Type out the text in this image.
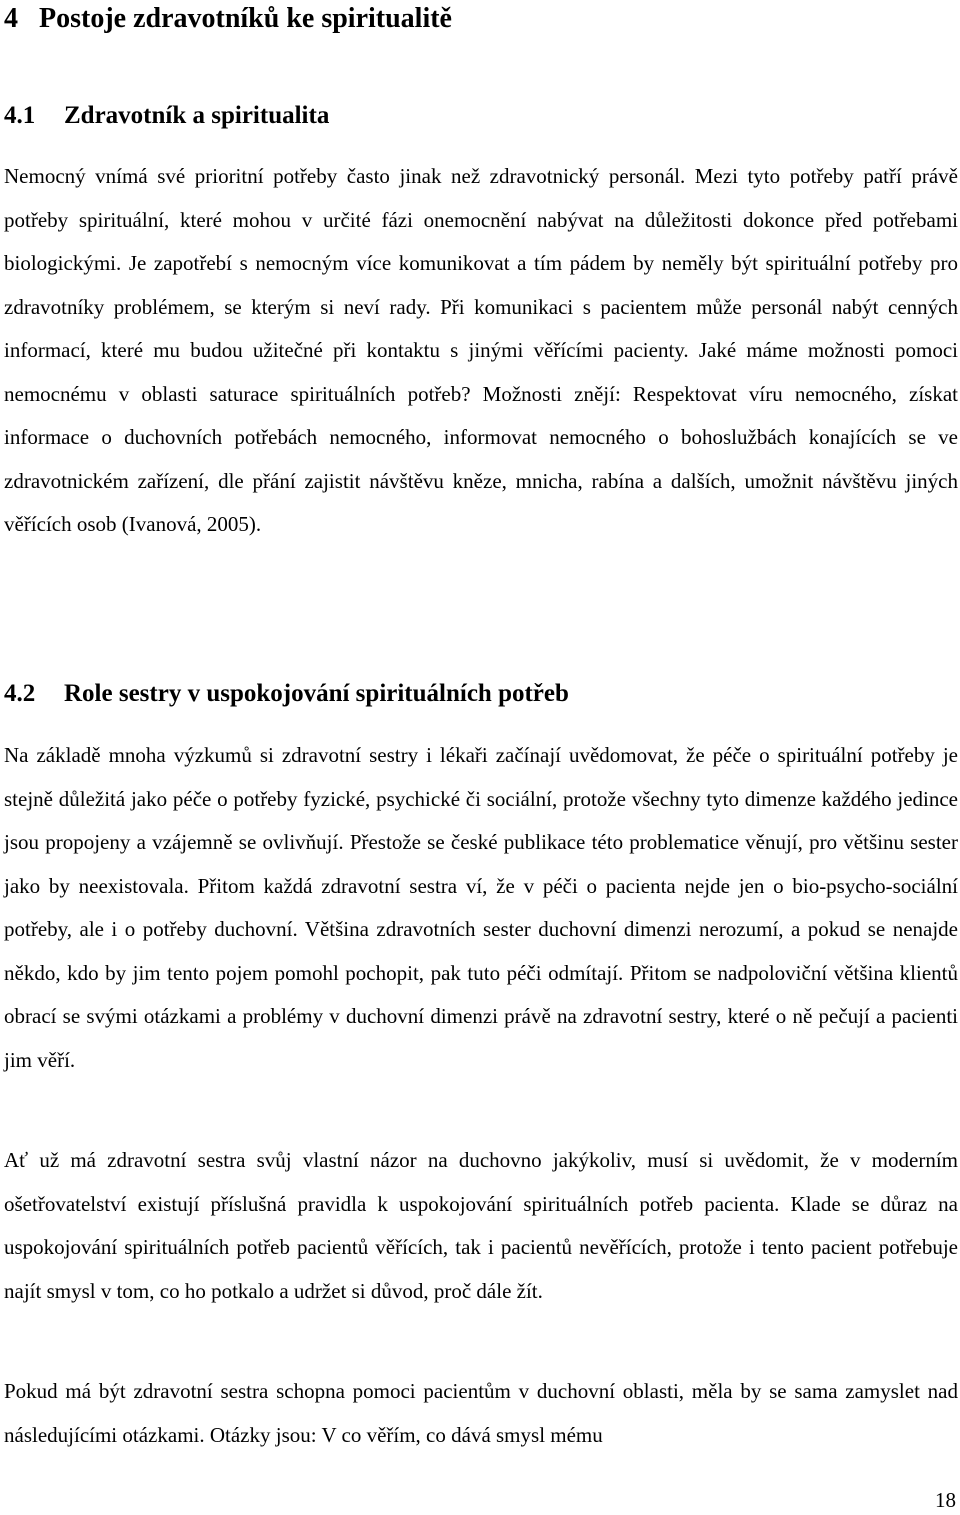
4 Postoje zdravotníků ke spiritualitě
4.1 Zdravotník a spiritualita

Nemocný vnímá své prioritní potřeby často jinak než zdravotnický personál. Mezi tyto potřeby patří právě potřeby spirituální, které mohou v určité fázi onemocnění nabývat na důležitosti dokonce před potřebami biologickými. Je zapotřebí s nemocným více komunikovat a tím pádem by neměly být spirituální potřeby pro zdravotníky problémem, se kterým si neví rady. Při komunikaci s pacientem může personál nabýt cenných informací, které mu budou užitečné při kontaktu s jinými věřícími pacienty. Jaké máme možnosti pomoci nemocnému v oblasti saturace spirituálních potřeb? Možnosti znějí: Respektovat víru nemocného, získat informace o duchovních potřebách nemocného, informovat nemocného o bohoslužbách konajících se ve zdravotnickém zařízení, dle přání zajistit návštěvu kněze, mnicha, rabína a dalších, umožnit návštěvu jiných věřících osob (Ivanová, 2005).

4.2 Role sestry v uspokojování spirituálních potřeb

Na základě mnoha výzkumů si zdravotní sestry i lékaři začínají uvědomovat, že péče o spirituální potřeby je stejně důležitá jako péče o potřeby fyzické, psychické či sociální, protože všechny tyto dimenze každého jedince jsou propojeny a vzájemně se ovlivňují. Přestože se české publikace této problematice věnují, pro většinu sester jako by neexistovala. Přitom každá zdravotní sestra ví, že v péči o pacienta nejde jen o bio-psycho-sociální potřeby, ale i o potřeby duchovní. Většina zdravotních sester duchovní dimenzi nerozumí, a pokud se nenajde někdo, kdo by jim tento pojem pomohl pochopit, pak tuto péči odmítají. Přitom se nadpoloviční většina klientů obrací se svými otázkami a problémy v duchovní dimenzi právě na zdravotní sestry, které o ně pečují a pacienti jim věří.

Ať už má zdravotní sestra svůj vlastní názor na duchovno jakýkoliv, musí si uvědomit, že v moderním ošetřovatelství existují příslušná pravidla k uspokojování spirituálních potřeb pacienta. Klade se důraz na uspokojování spirituálních potřeb pacientů věřících, tak i pacientů nevěřících, protože i tento pacient potřebuje najít smysl v tom, co ho potkalo a udržet si důvod, proč dále žít.

Pokud má být zdravotní sestra schopna pomoci pacientům v duchovní oblasti, měla by se sama zamyslet nad následujícími otázkami. Otázky jsou: V co věřím, co dává smysl mému

18
